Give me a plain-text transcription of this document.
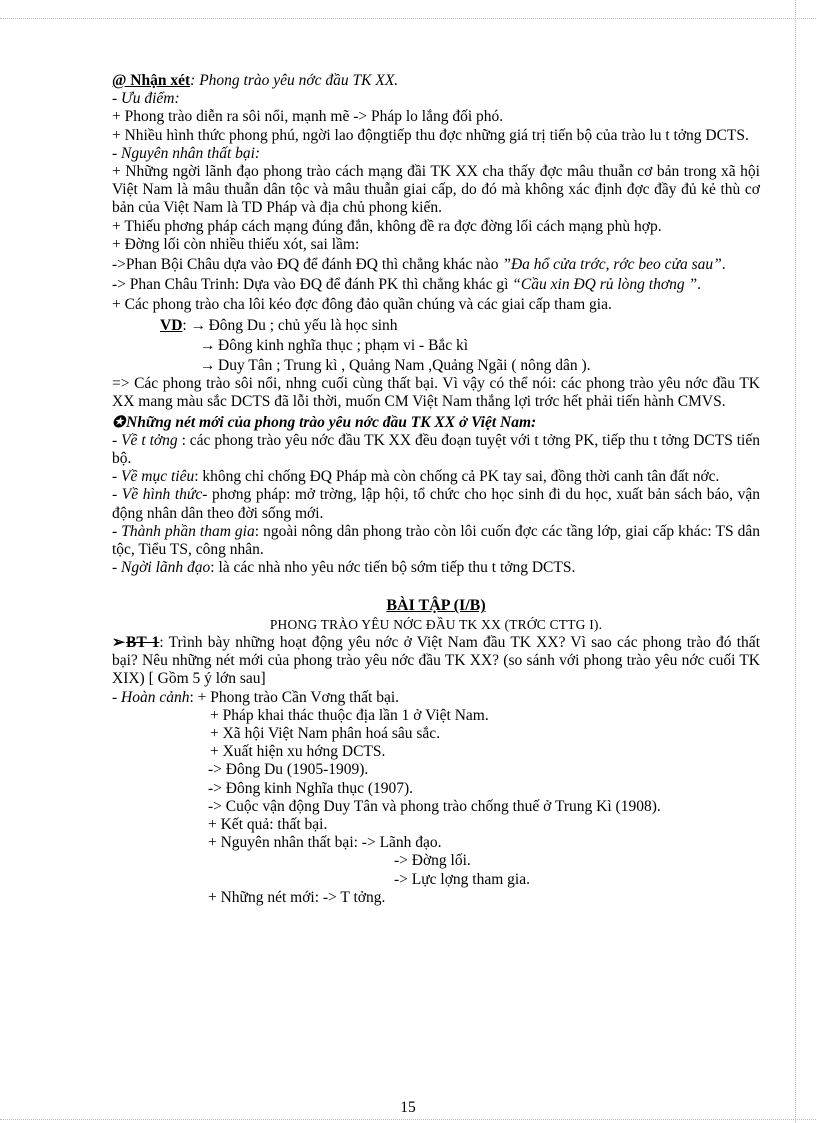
@ Nhận xét: Phong trào yêu nớc đầu TK XX.

- Ưu điểm:

+ Phong trào diễn ra sôi nổi, mạnh mẽ -> Pháp lo lắng đối phó.

+ Nhiều hình thức phong phú, ngời lao độngtiếp thu đợc những giá trị tiến bộ của trào lu t tởng DCTS.

- Nguyên nhân thất bại:

+ Những ngời lãnh đạo phong trào cách mạng đầi TK XX cha thấy đợc mâu thuẫn cơ bản trong xã hội Việt Nam là mâu thuẫn dân tộc và mâu thuẫn giai cấp, do đó mà không xác định đợc đầy đủ kẻ thù cơ bản của Việt Nam là TD Pháp và địa chủ phong kiến.

+ Thiếu phơng pháp cách mạng đúng đắn, không đề ra đợc đờng lối cách mạng phù hợp.

+ Đờng lối còn nhiều thiếu xót, sai lầm:

->Phan Bội Châu dựa vào ĐQ để đánh ĐQ thì chẳng khác nào ”Đa hổ cửa trớc, rớc beo cửa sau”.

-> Phan Châu Trinh: Dựa vào ĐQ để đánh PK thì chẳng khác gì “Cầu xin ĐQ rủ lòng thơng ”.

+ Các phong trào cha lôi kéo đợc đông đảo quần chúng và các giai cấp tham gia.

VD: → Đông Du ; chủ yếu là học sinh

→ Đông kinh nghĩa thục ; phạm vi - Bắc kì

→ Duy Tân ; Trung kì , Quảng Nam ,Quảng Ngãi ( nông dân ).

=> Các phong trào sôi nổi, nhng cuối cùng thất bại. Vì vậy có thể nói: các phong trào yêu nớc đầu TK XX mang màu sắc DCTS đã lỗi thời, muốn CM Việt Nam thắng lợi trớc hết phải tiến hành CMVS.

✪Những nét mới của phong trào yêu nớc đầu TK XX ở Việt Nam:

- Về t tởng : các phong trào yêu nớc đầu TK XX đều đoạn tuyệt với t tởng PK, tiếp thu t tởng DCTS tiến bộ.

- Về mục tiêu: không chỉ chống ĐQ Pháp mà còn chống cả PK tay sai, đồng thời canh tân đất nớc.

- Về hình thức- phơng pháp: mở trờng, lập hội, tổ chức cho học sinh đi du học, xuất bản sách báo, vận động nhân dân theo đời sống mới.

- Thành phần tham gia: ngoài nông dân phong trào còn lôi cuốn đợc các tầng lớp, giai cấp khác: TS dân tộc, Tiểu TS, công nhân.

- Ngời lãnh đạo: là các nhà nho yêu nớc tiến bộ sớm tiếp thu t tởng DCTS.

BÀI TẬP (I/B)

PHONG TRÀO YÊU NỚC ĐẦU TK XX (TRỚC CTTG I).

➢BT 1: Trình bày những hoạt động yêu nớc ở Việt Nam đầu TK XX? Vì sao các phong trào đó thất bại? Nêu những nét mới của phong trào yêu nớc đầu TK XX? (so sánh với phong trào yêu nớc cuối TK XIX) [ Gồm 5 ý lớn sau]

- Hoàn cảnh: + Phong trào Cần Vơng thất bại.

+ Pháp khai thác thuộc địa lần 1 ở Việt Nam.

+ Xã hội Việt Nam phân hoá sâu sắc.

+ Xuất hiện xu hớng DCTS.

-> Đông Du (1905-1909).

-> Đông kinh Nghĩa thục (1907).

-> Cuộc vận động Duy Tân và phong trào chống thuế ở Trung Kì (1908).

+ Kết quả: thất bại.

+ Nguyên nhân thất bại: -> Lãnh đạo.

-> Đờng lối.

-> Lực lợng tham gia.

+ Những nét mới: -> T tởng.

15
